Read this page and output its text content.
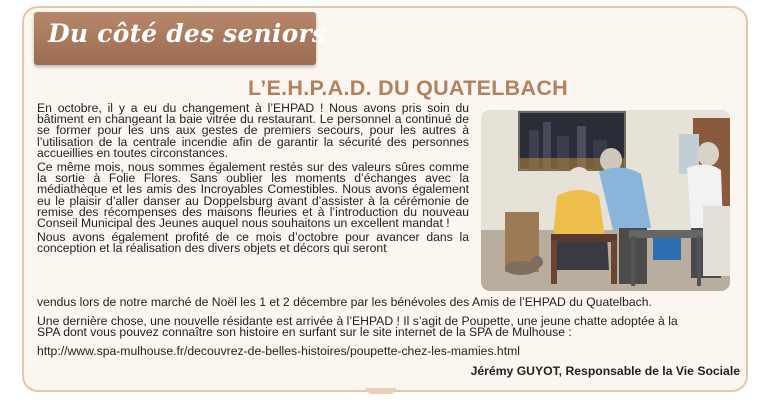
Du côté des seniors
L’E.H.P.A.D. DU QUATELBACH

En octobre, il y a eu du changement à l’EHPAD ! Nous avons pris soin du bâtiment en changeant la baie vitrée du restaurant. Le personnel a continué de se former pour les uns aux gestes de premiers secours, pour les autres à l’utilisation de la centrale incendie afin de garantir la sécurité des personnes accueillies en toutes circonstances.

Ce même mois, nous sommes également restés sur des valeurs sûres comme la sortie à Folie Flores. Sans oublier les moments d’échanges avec la médiathèque et les amis des Incroyables Comestibles. Nous avons également eu le plaisir d’aller danser au Doppelsburg avant d’assister à la cérémonie de remise des récompenses des maisons fleuries et à l’introduction du nouveau Conseil Municipal des Jeunes auquel nous souhaitons un excellent mandat !

Nous avons également profité de ce mois d’octobre pour avancer dans la conception et la réalisation des divers objets et décors qui seront

vendus lors de notre marché de Noël les 1 et 2 décembre par les bénévoles des Amis de l’EHPAD du Quatelbach.
Une dernière chose, une nouvelle résidante est arrivée à l’EHPAD ! Il s’agit de Poupette, une jeune chatte adoptée à la
SPA dont vous pouvez connaître son histoire en surfant sur le site internet de la SPA de Mulhouse :
http://www.spa-mulhouse.fr/decouvrez-de-belles-histoires/poupette-chez-les-mamies.html
Jérémy GUYOT, Responsable de la Vie Sociale
